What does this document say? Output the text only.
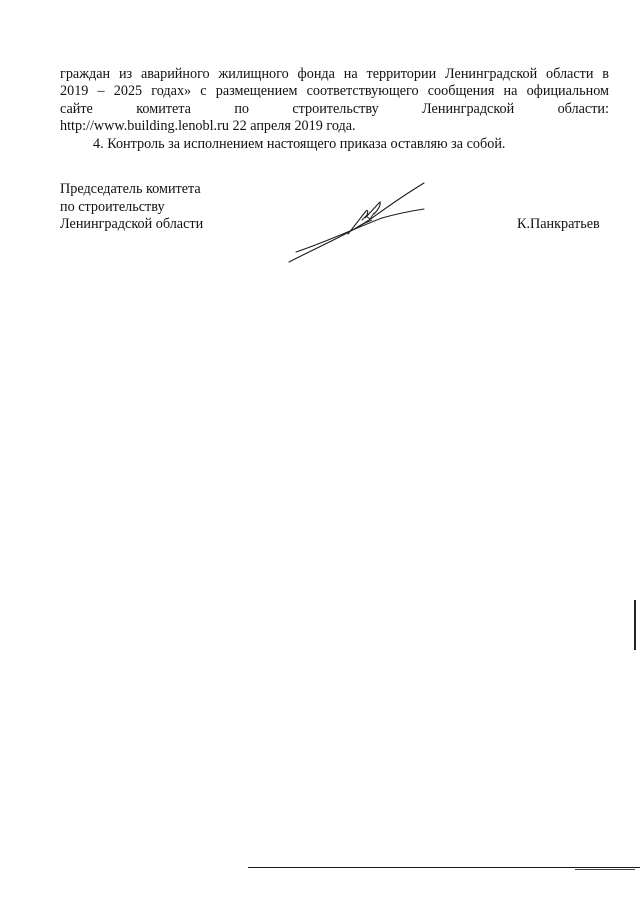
граждан из аварийного жилищного фонда на территории Ленинградской области в
2019 – 2025 годах» с размещением соответствующего сообщения на официальном
сайте	комитета	по	строительству	Ленинградской	области:
http://www.building.lenobl.ru 22 апреля 2019 года.
4. Контроль за исполнением настоящего приказа оставляю за собой.
Председатель комитета
по строительству
Ленинградской области	К.Панкратьев
